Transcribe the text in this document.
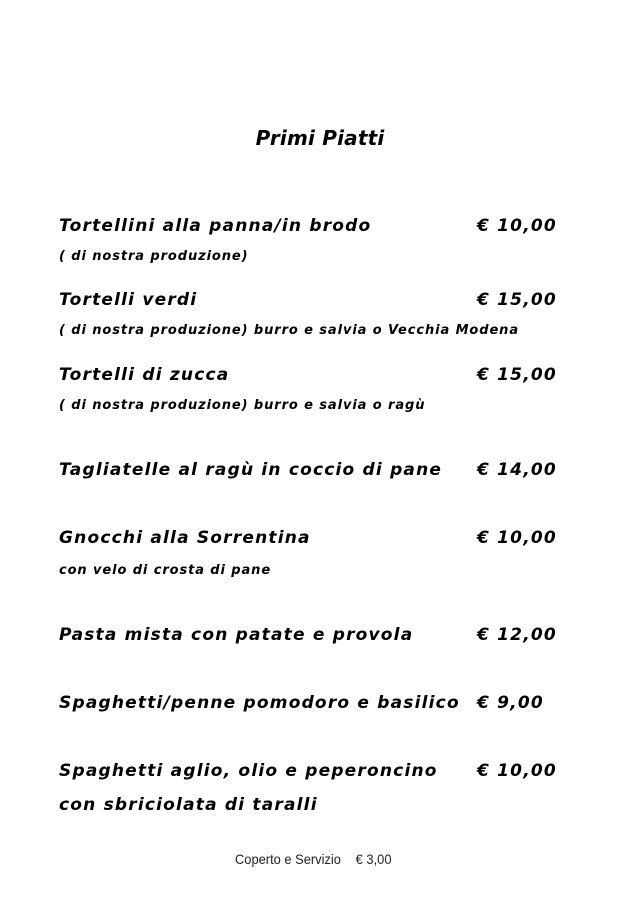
Primi Piatti
Tortellini alla panna/in brodo	€ 10,00
( di nostra produzione)
Tortelli verdi	€ 15,00
( di nostra produzione) burro e salvia o Vecchia Modena
Tortelli di zucca	€ 15,00
( di nostra produzione) burro e salvia o ragù
Tagliatelle al ragù in coccio di pane € 14,00
Gnocchi alla Sorrentina	€ 10,00
con velo di crosta di pane
Pasta mista con patate e provola	€ 12,00
Spaghetti/penne pomodoro e basilico € 9,00
Spaghetti aglio, olio e peperoncino € 10,00
con sbriciolata di taralli
Coperto e Servizio € 3,00
